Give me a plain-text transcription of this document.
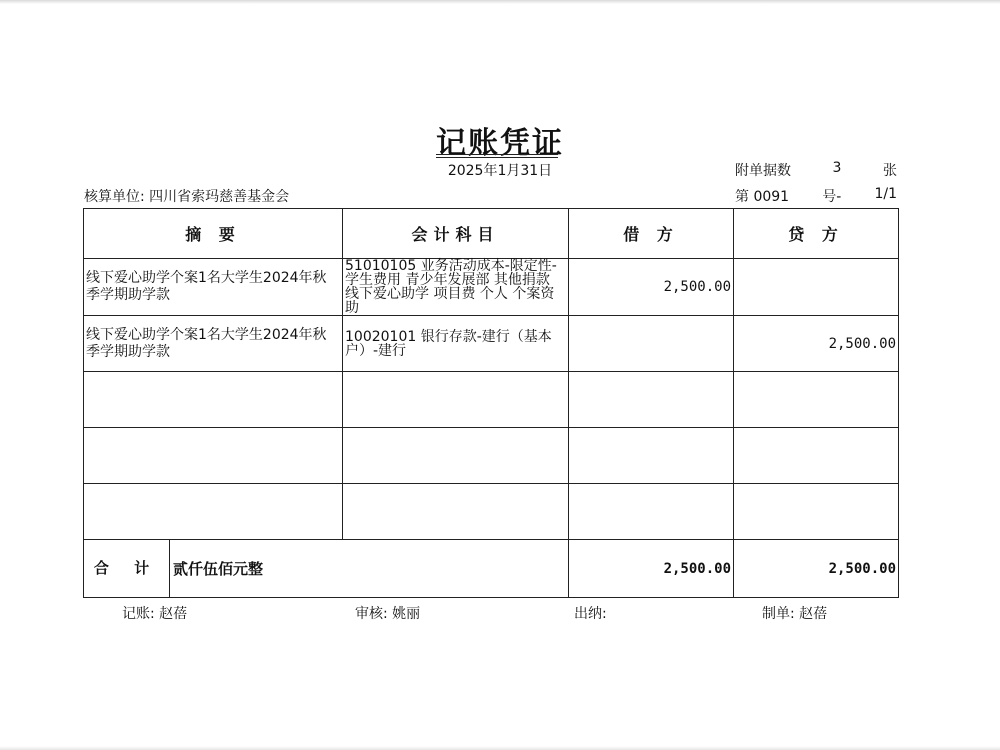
记账凭证
2025年1月31日	附单据数	3	张
核算单位: 四川省索玛慈善基金会	第 0091 号- 1/1
摘 要	会计科目	借 方	贷 方
线下爱心助学个案1名大学生2024年秋季学期助学款	51010105 业务活动成本-限定性-学生费用 青少年发展部 其他捐款 线下爱心助学 项目费 个人 个案资助	2,500.00	
线下爱心助学个案1名大学生2024年秋季学期助学款	10020101 银行存款-建行（基本户）-建行		2,500.00

合 计 贰仟伍佰元整		2,500.00	2,500.00
记账: 赵蓓	审核: 姚丽	出纳:	制单: 赵蓓
